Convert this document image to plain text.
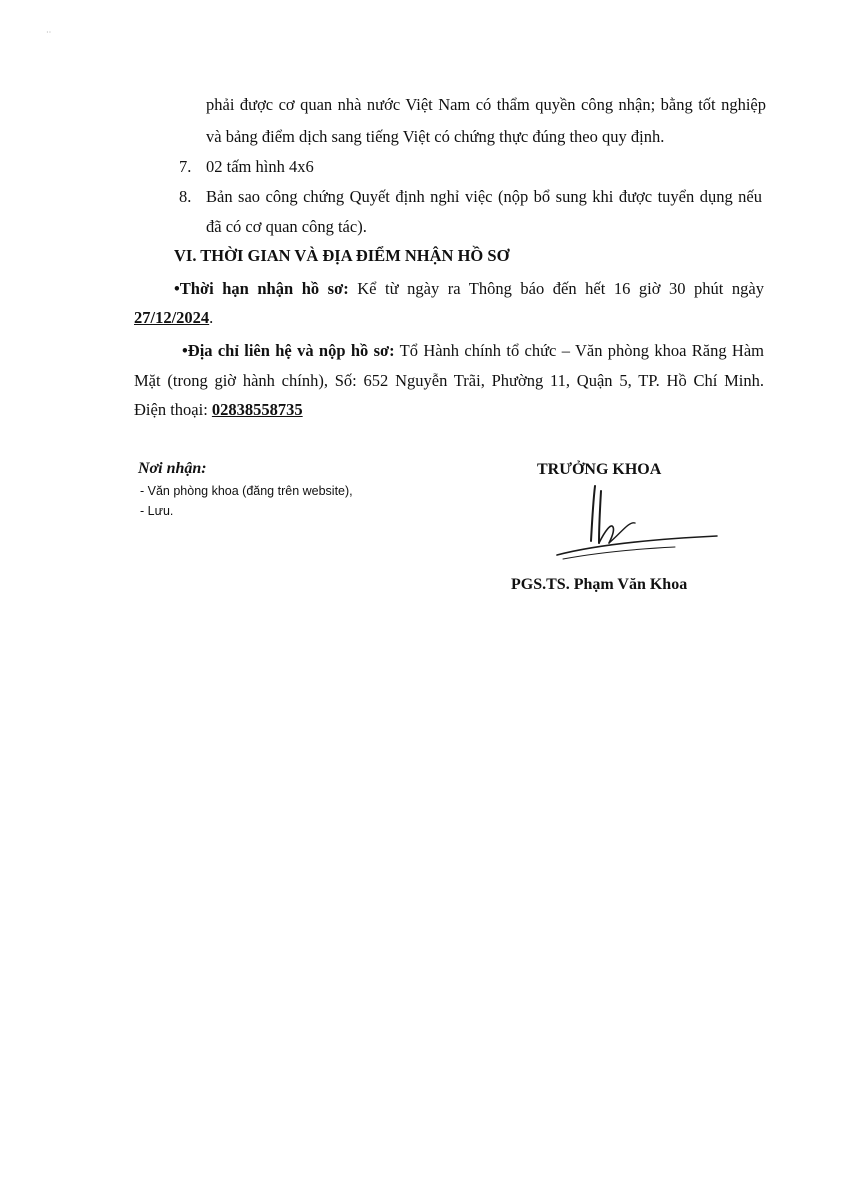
··
phải được cơ quan nhà nước Việt Nam có thẩm quyền công nhận; bằng tốt nghiệp
và bảng điểm dịch sang tiếng Việt có chứng thực đúng theo quy định.
7. 02 tấm hình 4x6
8. Bản sao công chứng Quyết định nghỉ việc (nộp bổ sung khi được tuyển dụng nếu
đã có cơ quan công tác).
VI. THỜI GIAN VÀ ĐỊA ĐIỂM NHẬN HỒ SƠ
•Thời hạn nhận hồ sơ: Kể từ ngày ra Thông báo đến hết 16 giờ 30 phút ngày
27/12/2024.
•Địa chỉ liên hệ và nộp hồ sơ: Tổ Hành chính tổ chức – Văn phòng khoa Răng Hàm
Mặt (trong giờ hành chính), Số: 652 Nguyễn Trãi, Phường 11, Quận 5, TP. Hồ Chí Minh.
Điện thoại: 02838558735
Nơi nhận:
- Văn phòng khoa (đăng trên website),
- Lưu.
TRƯỞNG KHOA
PGS.TS. Phạm Văn Khoa
